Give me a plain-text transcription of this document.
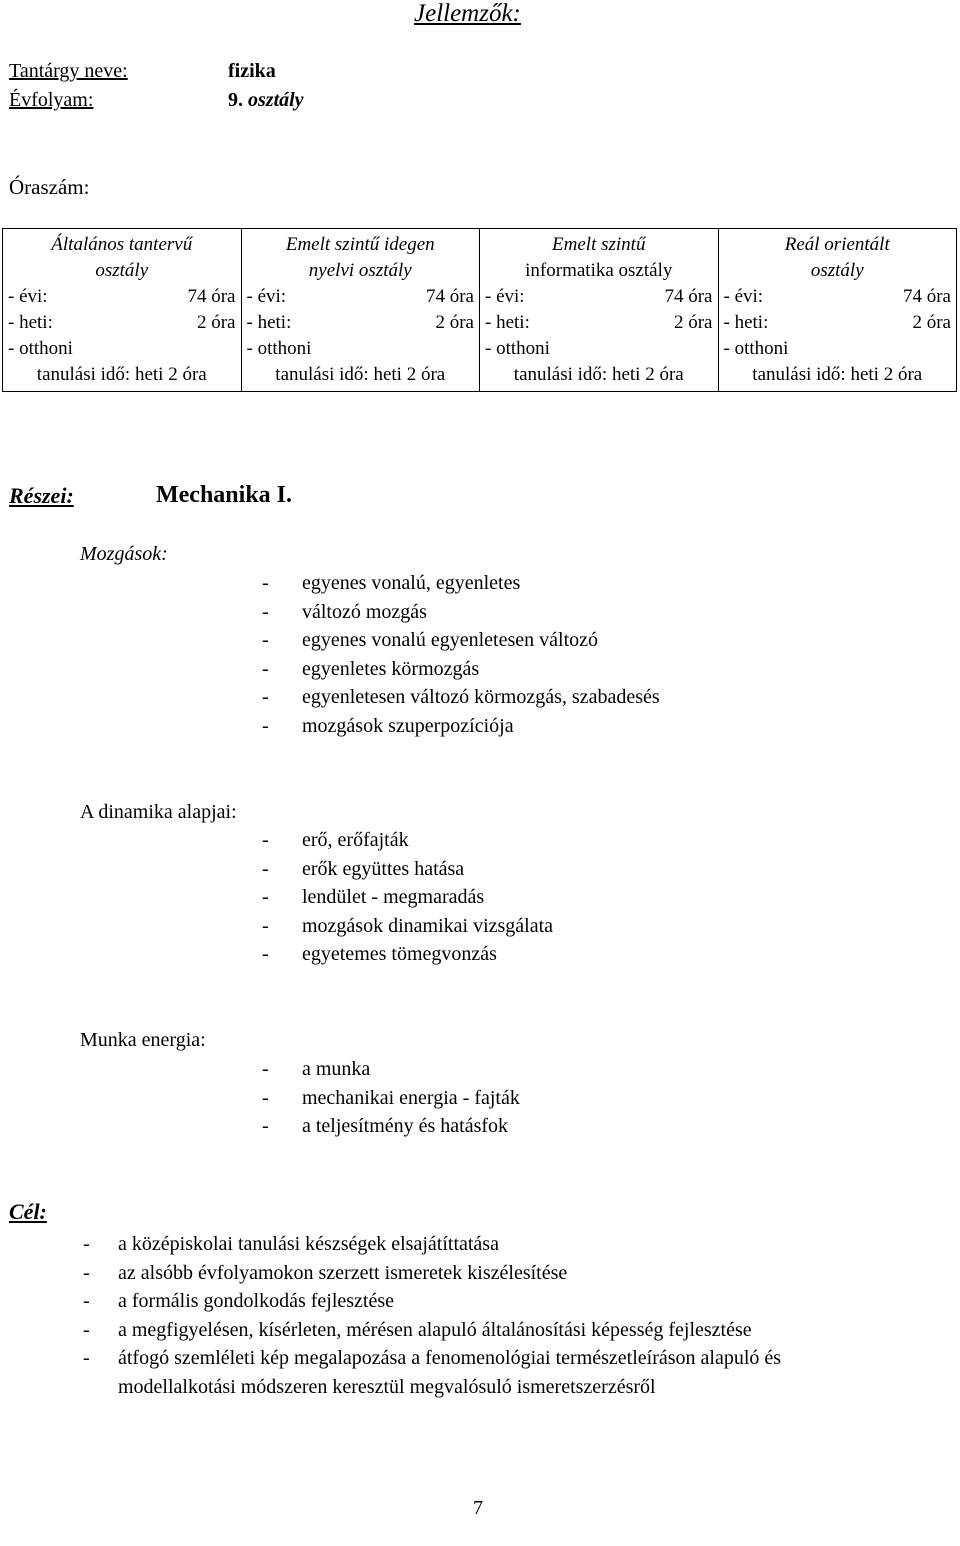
Jellemzők:
Tantárgy neve:	fizika
Évfolyam:	9. osztály
Óraszám:
Általános tantervű
osztály
- évi:	74 óra
- heti:	2 óra
- otthoni
tanulási idő: heti 2 óra

Emelt szintű idegen
nyelvi osztály
- évi:	74 óra
- heti:	2 óra
- otthoni
tanulási idő: heti 2 óra

Emelt szintű
informatika osztály
- évi:	74 óra
- heti:	2 óra
- otthoni
tanulási idő: heti 2 óra

Reál orientált
osztály
- évi:	74 óra
- heti:	2 óra
- otthoni
tanulási idő: heti 2 óra
Részei:	Mechanika I.
Mozgások:
- egyenes vonalú, egyenletes
- változó mozgás
- egyenes vonalú egyenletesen változó
- egyenletes körmozgás
- egyenletesen változó körmozgás, szabadesés
- mozgások szuperpozíciója
A dinamika alapjai:
- erő, erőfajták
- erők együttes hatása
- lendület - megmaradás
- mozgások dinamikai vizsgálata
- egyetemes tömegvonzás
Munka energia:
- a munka
- mechanikai energia - fajták
- a teljesítmény és hatásfok
Cél:
- a középiskolai tanulási készségek elsajátíttatása
- az alsóbb évfolyamokon szerzett ismeretek kiszélesítése
- a formális gondolkodás fejlesztése
- a megfigyelésen, kísérleten, mérésen alapuló általánosítási képesség fejlesztése
- átfogó szemléleti kép megalapozása a fenomenológiai természetleíráson alapuló és
modellalkotási módszeren keresztül megvalósuló ismeretszerzésről
7
